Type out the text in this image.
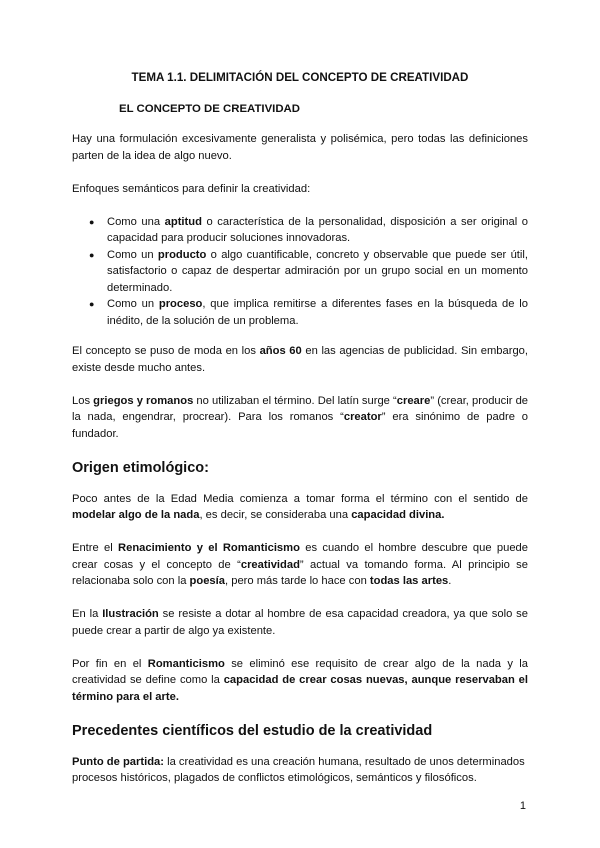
TEMA 1.1. DELIMITACIÓN DEL CONCEPTO DE CREATIVIDAD
EL CONCEPTO DE CREATIVIDAD

Hay una formulación excesivamente generalista y polisémica, pero todas las definiciones parten de la idea de algo nuevo.

Enfoques semánticos para definir la creatividad:

● Como una aptitud o característica de la personalidad, disposición a ser original o capacidad para producir soluciones innovadoras.
● Como un producto o algo cuantificable, concreto y observable que puede ser útil, satisfactorio o capaz de despertar admiración por un grupo social en un momento determinado.
● Como un proceso, que implica remitirse a diferentes fases en la búsqueda de lo inédito, de la solución de un problema.

El concepto se puso de moda en los años 60 en las agencias de publicidad. Sin embargo, existe desde mucho antes.

Los griegos y romanos no utilizaban el término. Del latín surge “creare” (crear, producir de la nada, engendrar, procrear). Para los romanos “creator” era sinónimo de padre o fundador.

Origen etimológico:

Poco antes de la Edad Media comienza a tomar forma el término con el sentido de modelar algo de la nada, es decir, se consideraba una capacidad divina.

Entre el Renacimiento y el Romanticismo es cuando el hombre descubre que puede crear cosas y el concepto de “creatividad” actual va tomando forma. Al principio se relacionaba solo con la poesía, pero más tarde lo hace con todas las artes.

En la Ilustración se resiste a dotar al hombre de esa capacidad creadora, ya que solo se puede crear a partir de algo ya existente.

Por fin en el Romanticismo se eliminó ese requisito de crear algo de la nada y la creatividad se define como la capacidad de crear cosas nuevas, aunque reservaban el término para el arte.

Precedentes científicos del estudio de la creatividad

Punto de partida: la creatividad es una creación humana, resultado de unos determinados procesos históricos, plagados de conflictos etimológicos, semánticos y filosóficos.

1
